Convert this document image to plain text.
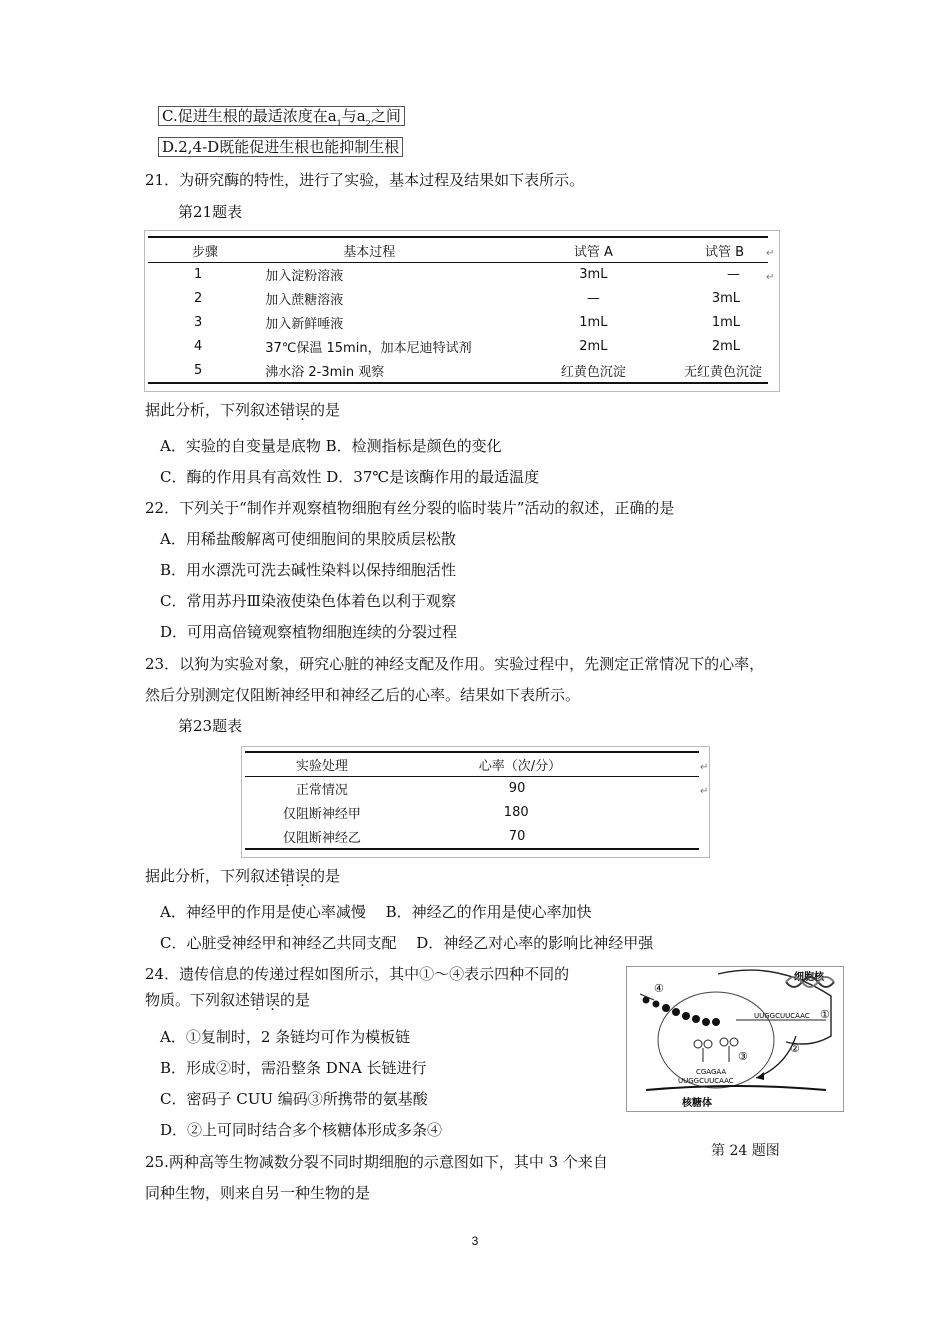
C.促进生根的最适浓度在$a_1$与$a_2$之间
D.2,4-D既能促进生根也能抑制生根
21．为研究酶的特性，进行了实验，基本过程及结果如下表所示。
第21题表
步骤	基本过程	试管 A	试管 B
1	加入淀粉溶液	3mL	—
2	加入蔗糖溶液	—	3mL
3	加入新鲜唾液	1mL	1mL
4	37℃保温 15min，加本尼迪特试剂	2mL	2mL
5	沸水浴 2-3min 观察	红黄色沉淀	无红黄色沉淀
↵
↵
据此分析，下列叙述错误的是
A．实验的自变量是底物 B．检测指标是颜色的变化
C．酶的作用具有高效性 D．37℃是该酶作用的最适温度
22．下列关于“制作并观察植物细胞有丝分裂的临时装片”活动的叙述，正确的是
A．用稀盐酸解离可使细胞间的果胶质层松散
B．用水漂洗可洗去碱性染料以保持细胞活性
C．常用苏丹Ⅲ染液使染色体着色以利于观察
D．可用高倍镜观察植物细胞连续的分裂过程
23．以狗为实验对象，研究心脏的神经支配及作用。实验过程中，先测定正常情况下的心率，
然后分别测定仅阻断神经甲和神经乙后的心率。结果如下表所示。
第23题表
实验处理	心率（次/分）
正常情况	90
仅阻断神经甲	180
仅阻断神经乙	70
↵
↵
据此分析，下列叙述错误的是
A．神经甲的作用是使心率减慢　 B．神经乙的作用是使心率加快
C．心脏受神经甲和神经乙共同支配　 D．神经乙对心率的影响比神经甲强
24．遗传信息的传递过程如图所示，其中①～④表示四种不同的
物质。下列叙述错误的是
A．①复制时，2 条链均可作为模板链
B．形成②时，需沿整条 DNA 长链进行
C．密码子 CUU 编码③所携带的氨基酸
D．②上可同时结合多个核糖体形成多条④
细胞核
①
UUGGCUUCAAC
④
③
CGAGAA
UUGGCUUCAAC
核糖体
②
第 24 题图
25.两种高等生物减数分裂不同时期细胞的示意图如下，其中 3 个来自
同种生物，则来自另一种生物的是
3
